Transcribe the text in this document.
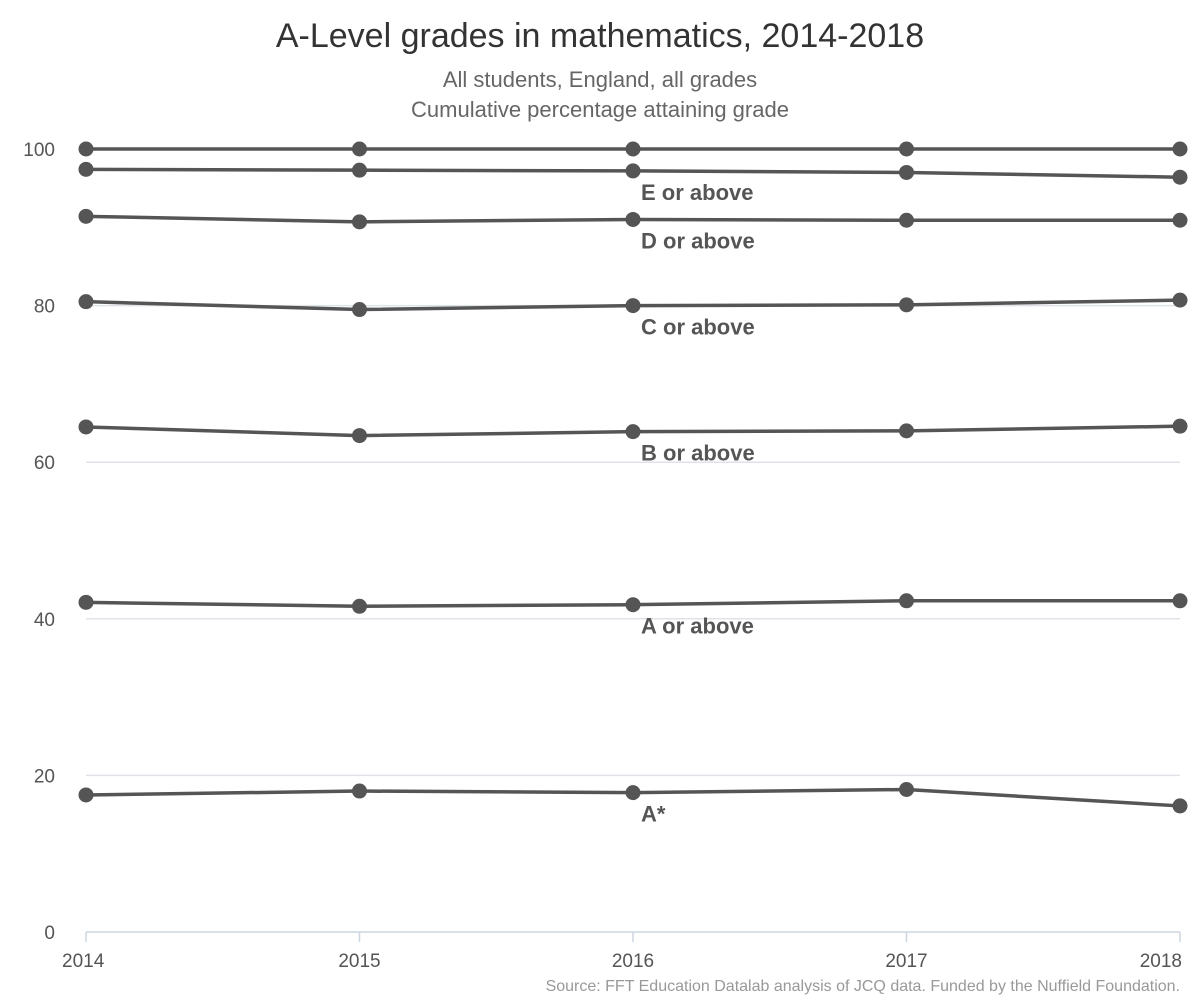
A-Level grades in mathematics, 2014-2018
All students, England, all grades
Cumulative percentage attaining grade
0
20
40
60
80
100
2014	2015	2016	2017	2018
E or above
D or above
C or above
B or above
A or above
A*
Source: FFT Education Datalab analysis of JCQ data. Funded by the Nuffield Foundation.
